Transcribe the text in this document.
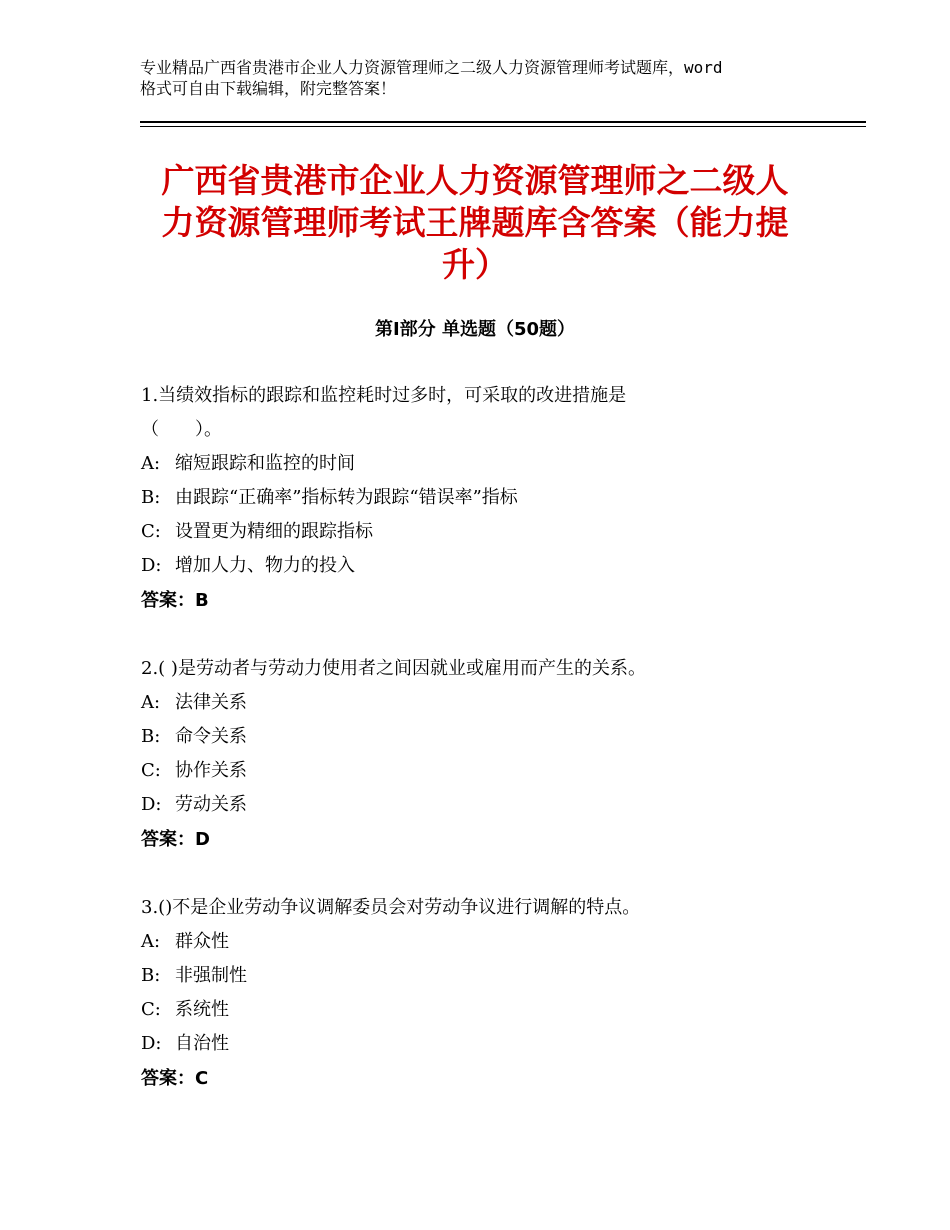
专业精品广西省贵港市企业人力资源管理师之二级人力资源管理师考试题库，word
格式可自由下载编辑，附完整答案！
广西省贵港市企业人力资源管理师之二级人
力资源管理师考试王牌题库含答案（能力提
升）
第Ⅰ部分 单选题（50题）
1.当绩效指标的跟踪和监控耗时过多时，可采取的改进措施是
（　　）。
A: 缩短跟踪和监控的时间
B: 由跟踪“正确率”指标转为跟踪“错误率”指标
C: 设置更为精细的跟踪指标
D: 增加人力、物力的投入
答案：B
2.( )是劳动者与劳动力使用者之间因就业或雇用而产生的关系。
A: 法律关系
B: 命令关系
C: 协作关系
D: 劳动关系
答案：D
3.()不是企业劳动争议调解委员会对劳动争议进行调解的特点。
A: 群众性
B: 非强制性
C: 系统性
D: 自治性
答案：C
